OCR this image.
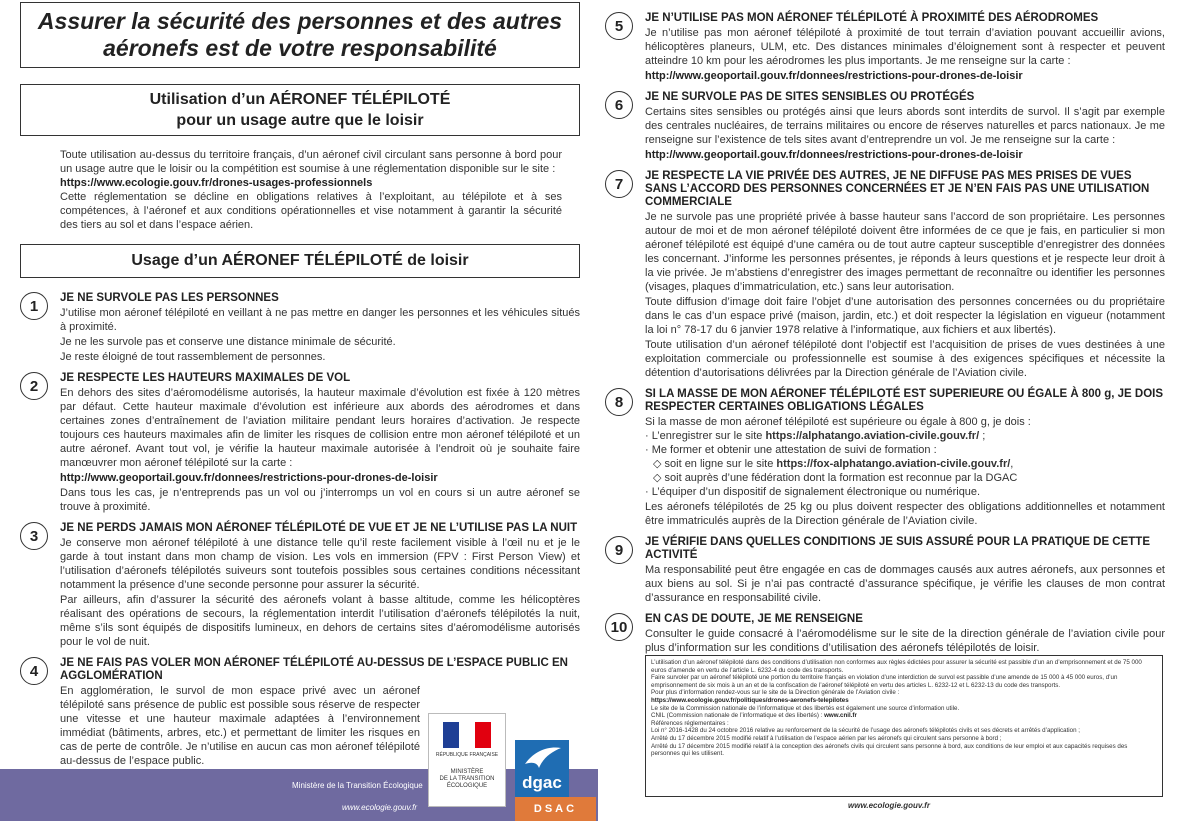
Assurer la sécurité des personnes et des autres aéronefs est de votre responsabilité
Utilisation d’un AÉRONEF TÉLÉPILOTÉ
pour un usage autre que le loisir

Toute utilisation au-dessus du territoire français, d’un aéronef civil circulant sans personne à bord pour un usage autre que le loisir ou la compétition est soumise à une réglementation disponible sur le site :

https://www.ecologie.gouv.fr/drones-usages-professionnels

Cette réglementation se décline en obligations relatives à l’exploitant, au télépilote et à ses compétences, à l’aéronef et aux conditions opérationnelles et vise notamment à garantir la sécurité des tiers au sol et dans l’espace aérien.

Usage d’un AÉRONEF TÉLÉPILOTÉ de loisir
1	JE NE SURVOLE PAS LES PERSONNES

J’utilise mon aéronef télépiloté en veillant à ne pas mettre en danger les personnes et les véhicules situés à proximité.

Je ne les survole pas et conserve une distance minimale de sécurité.

Je reste éloigné de tout rassemblement de personnes.

2	JE RESPECTE LES HAUTEURS MAXIMALES DE VOL

En dehors des sites d’aéromodélisme autorisés, la hauteur maximale d’évolution est fixée à 120 mètres par défaut. Cette hauteur maximale d’évolution est inférieure aux abords des aérodromes et dans certaines zones d’entraînement de l’aviation militaire pendant leurs horaires d’activation. Je respecte toujours ces hauteurs maximales afin de limiter les risques de collision entre mon aéronef télépiloté et un autre aéronef. Avant tout vol, je vérifie la hauteur maximale autorisée à l’endroit où je souhaite faire manœuvrer mon aéronef télépiloté sur la carte :

http://www.geoportail.gouv.fr/donnees/restrictions-pour-drones-de-loisir

Dans tous les cas, je n’entreprends pas un vol ou j’interromps un vol en cours si un autre aéronef se trouve à proximité.

3	JE NE PERDS JAMAIS MON AÉRONEF TÉLÉPILOTÉ DE VUE ET JE NE L’UTILISE PAS LA NUIT

Je conserve mon aéronef télépiloté à une distance telle qu’il reste facilement visible à l’œil nu et je le garde à tout instant dans mon champ de vision. Les vols en immersion (FPV : First Person View) et l’utilisation d’aéronefs télépilotés suiveurs sont toutefois possibles sous certaines conditions nécessitant notamment la présence d’une seconde personne pour assurer la sécurité.

Par ailleurs, afin d’assurer la sécurité des aéronefs volant à basse altitude, comme les hélicoptères réalisant des opérations de secours, la réglementation interdit l’utilisation d’aéronefs télépilotés la nuit, même s’ils sont équipés de dispositifs lumineux, en dehors de certains sites d’aéromodélisme autorisés pour le vol de nuit.

4	JE NE FAIS PAS VOLER MON AÉRONEF TÉLÉPILOTÉ AU-DESSUS DE L’ESPACE PUBLIC EN AGGLOMÉRATION

En agglomération, le survol de mon espace privé avec un aéronef télépiloté sans présence de public est possible sous réserve de respecter une vitesse et une hauteur maximale adaptées à l’environnement immédiat (bâtiments, arbres, etc.) et permettant de limiter les risques en cas de perte de contrôle. Je n’utilise en aucun cas mon aéronef télépiloté au-dessus de l’espace public.

Ministère de la Transition Écologique
www.ecologie.gouv.fr
RÉPUBLIQUE FRANÇAISE
MINISTÈRE
DE LA TRANSITION
ÉCOLOGIQUE	dgac
DSAC
5	JE N’UTILISE PAS MON AÉRONEF TÉLÉPILOTÉ À PROXIMITÉ DES AÉRODROMES

Je n’utilise pas mon aéronef télépiloté à proximité de tout terrain d’aviation pouvant accueillir avions, hélicoptères planeurs, ULM, etc. Des distances minimales d’éloignement sont à respecter et peuvent atteindre 10 km pour les aérodromes les plus importants. Je me renseigne sur la carte :

http://www.geoportail.gouv.fr/donnees/restrictions-pour-drones-de-loisir

6	JE NE SURVOLE PAS DE SITES SENSIBLES OU PROTÉGÉS

Certains sites sensibles ou protégés ainsi que leurs abords sont interdits de survol. Il s’agit par exemple des centrales nucléaires, de terrains militaires ou encore de réserves naturelles et parcs nationaux. Je me renseigne sur l’existence de tels sites avant d’entreprendre un vol. Je me renseigne sur la carte :

http://www.geoportail.gouv.fr/donnees/restrictions-pour-drones-de-loisir

7	JE RESPECTE LA VIE PRIVÉE DES AUTRES, JE NE DIFFUSE PAS MES PRISES DE VUES SANS L’ACCORD DES PERSONNES CONCERNÉES ET JE N’EN FAIS PAS UNE UTILISATION COMMERCIALE

Je ne survole pas une propriété privée à basse hauteur sans l’accord de son propriétaire. Les personnes autour de moi et de mon aéronef télépiloté doivent être informées de ce que je fais, en particulier si mon aéronef télépiloté est équipé d’une caméra ou de tout autre capteur susceptible d’enregistrer des données les concernant. J’informe les personnes présentes, je réponds à leurs questions et je respecte leur droit à la vie privée. Je m’abstiens d’enregistrer des images permettant de reconnaître ou identifier les personnes (visages, plaques d’immatriculation, etc.) sans leur autorisation.

Toute diffusion d’image doit faire l’objet d’une autorisation des personnes concernées ou du propriétaire dans le cas d’un espace privé (maison, jardin, etc.) et doit respecter la législation en vigueur (notamment la loi n° 78-17 du 6 janvier 1978 relative à l’informatique, aux fichiers et aux libertés).

Toute utilisation d’un aéronef télépiloté dont l’objectif est l’acquisition de prises de vues destinées à une exploitation commerciale ou professionnelle est soumise à des exigences spécifiques et nécessite la détention d’autorisations délivrées par la Direction générale de l’Aviation civile.

8	SI LA MASSE DE MON AÉRONEF TÉLÉPILOTÉ EST SUPERIEURE OU ÉGALE À 800 g, JE DOIS RESPECTER CERTAINES OBLIGATIONS LÉGALES

Si la masse de mon aéronef télépiloté est supérieure ou égale à 800 g, je dois :

· L’enregistrer sur le site https://alphatango.aviation-civile.gouv.fr/ ;
· Me former et obtenir une attestation de suivi de formation :
◇ soit en ligne sur le site https://fox-alphatango.aviation-civile.gouv.fr/,
◇ soit auprès d’une fédération dont la formation est reconnue par la DGAC
· L’équiper d’un dispositif de signalement électronique ou numérique.

Les aéronefs télépilotés de 25 kg ou plus doivent respecter des obligations additionnelles et notamment être immatriculés auprès de la Direction générale de l’Aviation civile.

9	JE VÉRIFIE DANS QUELLES CONDITIONS JE SUIS ASSURÉ POUR LA PRATIQUE DE CETTE ACTIVITÉ

Ma responsabilité peut être engagée en cas de dommages causés aux autres aéronefs, aux personnes et aux biens au sol. Si je n’ai pas contracté d’assurance spécifique, je vérifie les clauses de mon contrat d’assurance en responsabilité civile.

10	EN CAS DE DOUTE, JE ME RENSEIGNE

Consulter le guide consacré à l’aéromodélisme sur le site de la direction générale de l’aviation civile pour plus d’information sur les conditions d’utilisation des aéronefs télépilotés de loisir.

L’utilisation d’un aéronef télépiloté dans des conditions d’utilisation non conformes aux règles édictées pour assurer la sécurité est passible d’un an d’emprisonnement et de 75 000 euros d’amende en vertu de l’article L. 6232-4 du code des transports.
Faire survoler par un aéronef télépiloté une portion du territoire français en violation d’une interdiction de survol est passible d’une amende de 15 000 à 45 000 euros, d’un emprisonnement de six mois à un an et de la confiscation de l’aéronef télépiloté en vertu des articles L. 6232-12 et L 6232-13 du code des transports.
Pour plus d’information rendez-vous sur le site de la Direction générale de l’Aviation civile :
https://www.ecologie.gouv.fr/politiques/drones-aeronefs-telepilotes
Le site de la Commission nationale de l’informatique et des libertés est également une source d’information utile.
CNIL (Commission nationale de l’informatique et des libertés) : www.cnil.fr
Références réglementaires :
Loi n° 2016-1428 du 24 octobre 2016 relative au renforcement de la sécurité de l’usage des aéronefs télépilotés civils et ses décrets et arrêtés d’application ;
Arrêté du 17 décembre 2015 modifié relatif à l’utilisation de l’espace aérien par les aéronefs qui circulent sans personne à bord ;
Arrêté du 17 décembre 2015 modifié relatif à la conception des aéronefs civils qui circulent sans personne à bord, aux conditions de leur emploi et aux capacités requises des personnes qui les utilisent.
www.ecologie.gouv.fr
